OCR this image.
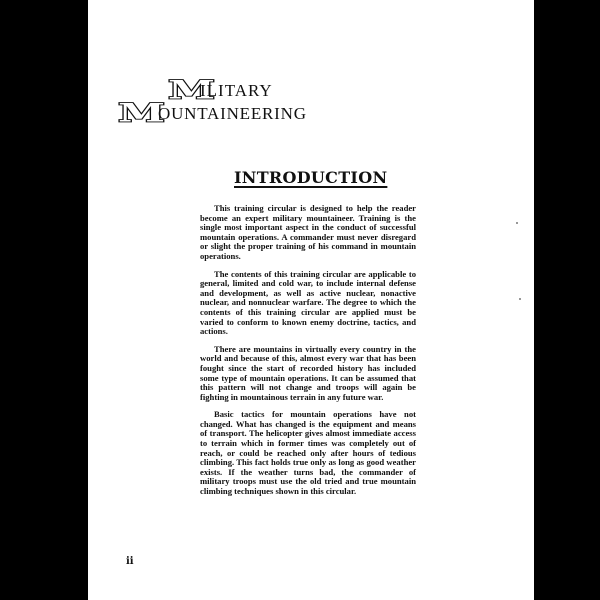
M
ILITARY
M
OUNTAINEERING
INTRODUCTION

This training circular is designed to help the reader become an expert military mountaineer. Training is the single most important aspect in the conduct of successful mountain operations. A commander must never disregard or slight the proper training of his command in mountain operations.

The contents of this training circular are applicable to general, limited and cold war, to include internal defense and development, as well as active nuclear, nonactive nuclear, and nonnuclear warfare. The degree to which the contents of this training circular are applied must be varied to conform to known enemy doctrine, tactics, and actions.

There are mountains in virtually every country in the world and because of this, almost every war that has been fought since the start of recorded history has included some type of mountain operations. It can be assumed that this pattern will not change and troops will again be fighting in mountainous terrain in any future war.

Basic tactics for mountain operations have not changed. What has changed is the equipment and means of transport. The helicopter gives almost immediate access to terrain which in former times was completely out of reach, or could be reached only after hours of tedious climbing. This fact holds true only as long as good weather exists. If the weather turns bad, the commander of military troops must use the old tried and true mountain climbing techniques shown in this circular.

ii
